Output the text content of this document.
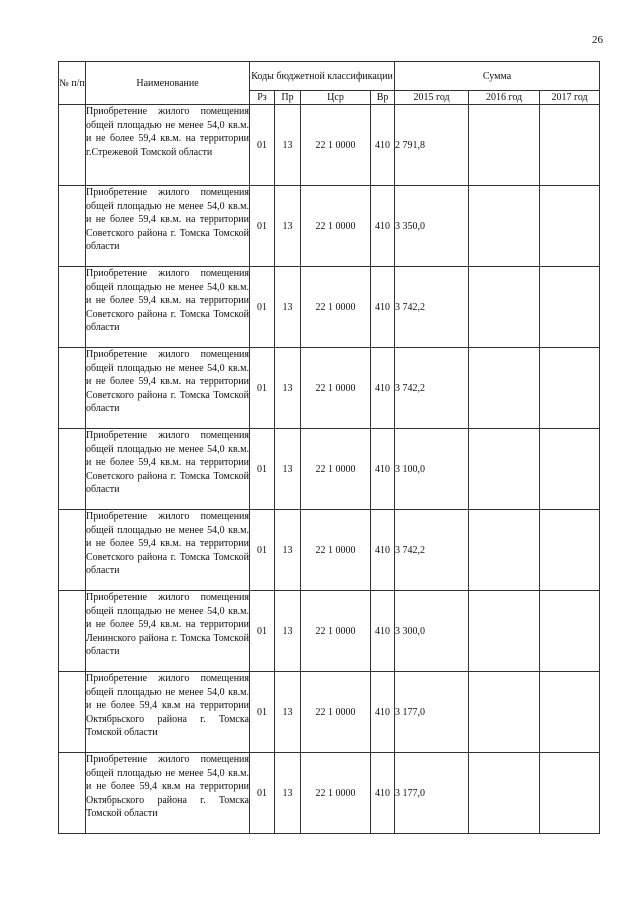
26
№ п/п	Наименование	Коды бюджетной классификации				Сумма		
		Рз	Пр	Цср	Вр	2015 год	2016 год	2017 год
	Приобретение жилого помещения общей площадью не менее 54,0 кв.м. и не более 59,4 кв.м. на территории г.Стрежевой Томской области	01	13	22 1 0000	410	2 791,8		
	Приобретение жилого помещения общей площадью не менее 54,0 кв.м. и не более 59,4 кв.м. на территории Советского района г. Томска Томской области	01	13	22 1 0000	410	3 350,0		
	Приобретение жилого помещения общей площадью не менее 54,0 кв.м. и не более 59,4 кв.м. на территории Советского района г. Томска Томской области	01	13	22 1 0000	410	3 742,2		
	Приобретение жилого помещения общей площадью не менее 54,0 кв.м. и не более 59,4 кв.м. на территории Советского района г. Томска Томской области	01	13	22 1 0000	410	3 742,2		
	Приобретение жилого помещения общей площадью не менее 54,0 кв.м. и не более 59,4 кв.м. на территории Советского района г. Томска Томской области	01	13	22 1 0000	410	3 100,0		
	Приобретение жилого помещения общей площадью не менее 54,0 кв.м. и не более 59,4 кв.м. на территории Советского района г. Томска Томской области	01	13	22 1 0000	410	3 742,2		
	Приобретение жилого помещения общей площадью не менее 54,0 кв.м. и не более 59,4 кв.м. на территории Ленинского района г. Томска Томской области	01	13	22 1 0000	410	3 300,0		
	Приобретение жилого помещения общей площадью не менее 54,0 кв.м. и не более 59,4 кв.м на территории Октябрьского района г. Томска Томской области	01	13	22 1 0000	410	3 177,0		
	Приобретение жилого помещения общей площадью не менее 54,0 кв.м. и не более 59,4 кв.м на территории Октябрьского района г. Томска Томской области	01	13	22 1 0000	410	3 177,0		
